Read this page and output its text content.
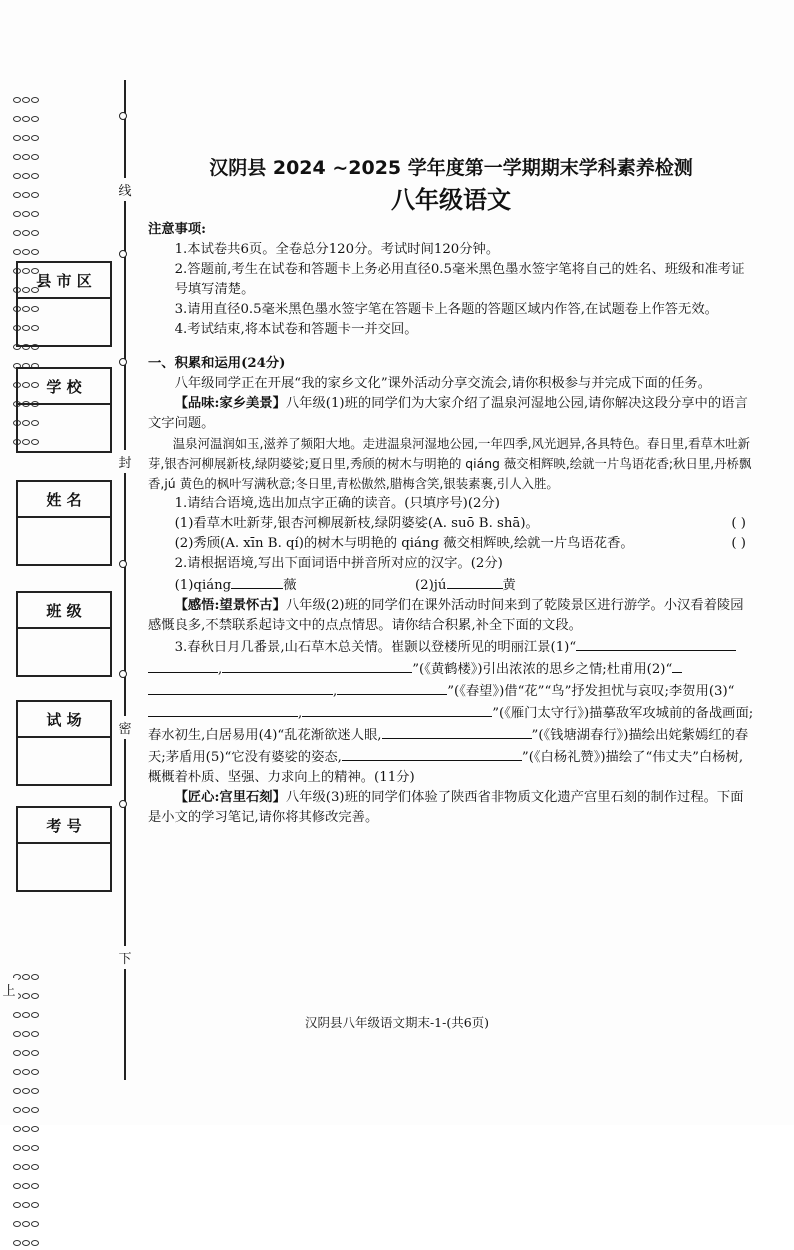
线
封
密
下
上
县 市 区
学 校
姓 名
班 级
试 场
考 号
汉阴县 2024 ~2025 学年度第一学期期末学科素养检测
八年级语文
注意事项:

1.本试卷共6页。全卷总分120分。考试时间120分钟。

2.答题前,考生在试卷和答题卡上务必用直径0.5毫米黑色墨水签字笔将自己的姓名、班级和准考证号填写清楚。

3.请用直径0.5毫米黑色墨水签字笔在答题卡上各题的答题区域内作答,在试题卷上作答无效。

4.考试结束,将本试卷和答题卡一并交回。

一、积累和运用(24分)

八年级同学正在开展“我的家乡文化”课外活动分享交流会,请你积极参与并完成下面的任务。

【品味:家乡美景】八年级(1)班的同学们为大家介绍了温泉河湿地公园,请你解决这段分享中的语言文字问题。

温泉河温润如玉,滋养了频阳大地。走进温泉河湿地公园,一年四季,风光迥异,各具特色。春日里,看草木吐新芽,银杏河柳展新枝,绿阴婆娑;夏日里,秀颀的树木与明艳的 qiáng 薇交相辉映,绘就一片鸟语花香;秋日里,丹桥飘香,jú 黄色的枫叶写满秋意;冬日里,青松傲然,腊梅含笑,银装素裹,引人入胜。

1.请结合语境,选出加点字正确的读音。(只填序号)(2分)

(1)看草木吐新芽,银杏河柳展新枝,绿阴婆娑(A. suō B. shā)。	( )

(2)秀颀(A. xīn B. qí)的树木与明艳的 qiáng 薇交相辉映,绘就一片鸟语花香。	( )

2.请根据语境,写出下面词语中拼音所对应的汉字。(2分)

(1)qiáng	薇	(2)jú	黄

【感悟:望景怀古】八年级(2)班的同学们在课外活动时间来到了乾陵景区进行游学。小汉看着陵园感慨良多,不禁联系起诗文中的点点情思。请你结合积累,补全下面的文段。

3.春秋日月几番景,山石草木总关情。崔颢以登楼所见的明丽江景(1)“
,	”(《黄鹤楼》)引出浓浓的思乡之情;杜甫用(2)“ ,	”(《春望》)借“花”“鸟”抒发担忧与哀叹;李贺用(3)“,	”(《雁门太守行》)描摹敌军攻城前的备战画面;春水初生,白居易用(4)“乱花渐欲迷人眼,	”(《钱塘湖春行》)描绘出姹紫嫣红的春天;茅盾用(5)“它没有婆娑的姿态,	”(《白杨礼赞》)描绘了“伟丈夫”白杨树,概概着朴质、坚强、力求向上的精神。(11分)

【匠心:宫里石刻】八年级(3)班的同学们体验了陕西省非物质文化遗产宫里石刻的制作过程。下面是小文的学习笔记,请你将其修改完善。

汉阴县八年级语文期末-1-(共6页)
